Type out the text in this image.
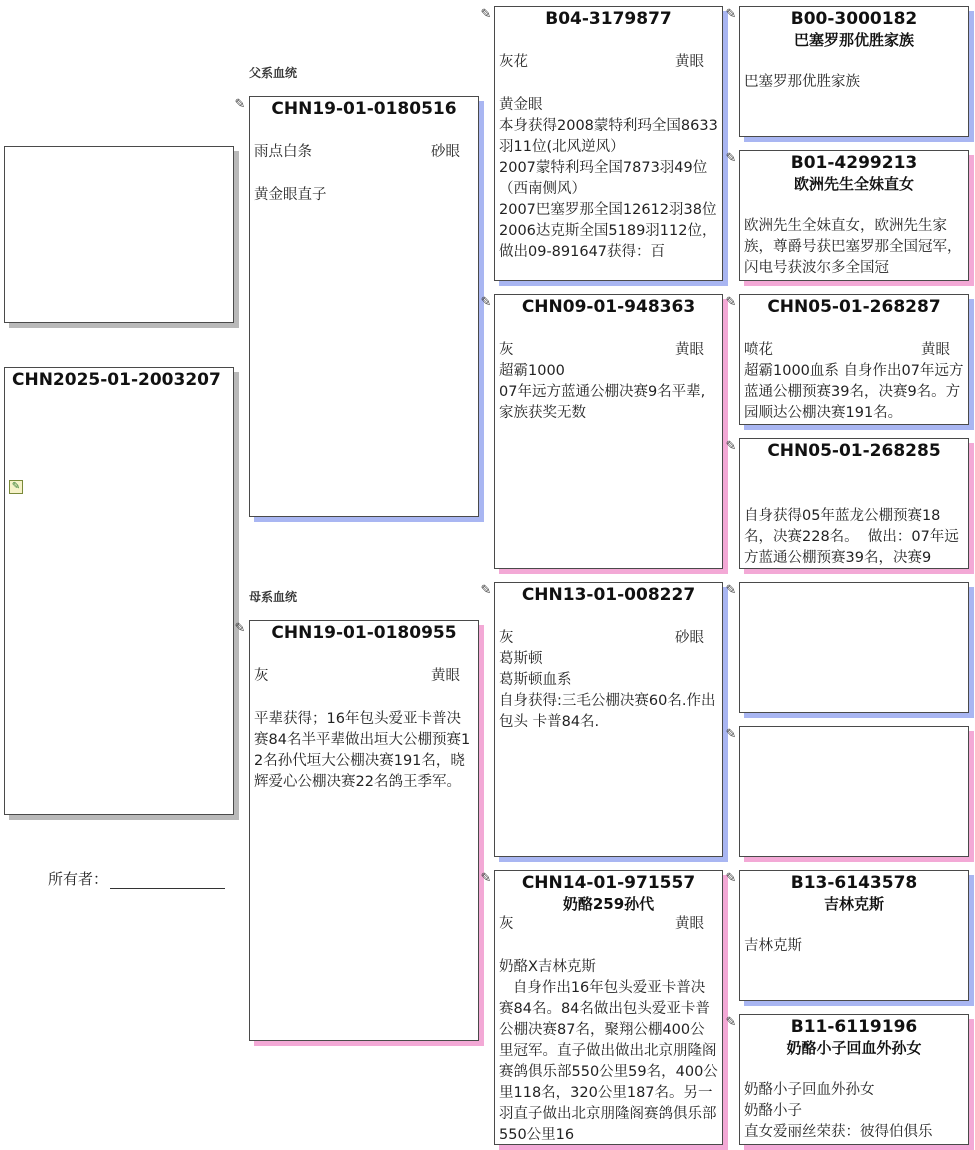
CHN2025-01-2003207
✎
所有者：
父系血统
母系血统
✎	CHN19-01-0180516
雨点白条	砂眼
黄金眼直子
✎	CHN19-01-0180955
灰	黄眼
平辈获得；16年包头爱亚卡普决赛84名半平辈做出垣大公棚预赛12名孙代垣大公棚决赛191名，晓辉爱心公棚决赛22名鸽王季军。
✎	B04-3179877
灰花	黄眼
黄金眼
本身获得2008蒙特利玛全国8633羽11位(北风逆风）
2007蒙特利玛全国7873羽49位（西南侧风）
2007巴塞罗那全国12612羽38位
2006达克斯全国5189羽112位，做出09-891647获得：百
✎	CHN09-01-948363
灰	黄眼
超霸1000
07年远方蓝通公棚决赛9名平辈,家族获奖无数
✎	CHN13-01-008227
灰	砂眼
葛斯顿
葛斯顿血系
自身获得:三毛公棚决赛60名.作出包头 卡普84名.
✎	CHN14-01-971557
奶酪259孙代
灰	黄眼
奶酪X吉林克斯
自身作出16年包头爱亚卡普决赛84名。84名做出包头爱亚卡普公棚决赛87名，聚翔公棚400公里冠军。直子做出做出北京朋隆阁赛鸽俱乐部550公里59名，400公里118名，320公里187名。另一羽直子做出北京朋隆阁赛鸽俱乐部550公里16
✎	B00-3000182
巴塞罗那优胜家族
巴塞罗那优胜家族
✎	B01-4299213
欧洲先生全妹直女
欧洲先生全妹直女，欧洲先生家族，尊爵号获巴塞罗那全国冠军，闪电号获波尔多全国冠
✎	CHN05-01-268287
喷花	黄眼
超霸1000血系 自身作出07年远方蓝通公棚预赛39名，决赛9名。方园顺达公棚决赛191名。
✎	CHN05-01-268285
自身获得05年蓝龙公棚预赛18名，决赛228名。  做出：07年远方蓝通公棚预赛39名，决赛9
✎
✎
✎	B13-6143578
吉林克斯
吉林克斯
✎	B11-6119196
奶酪小子回血外孙女
奶酪小子回血外孙女
奶酪小子
直女爱丽丝荣获：彼得伯俱乐
